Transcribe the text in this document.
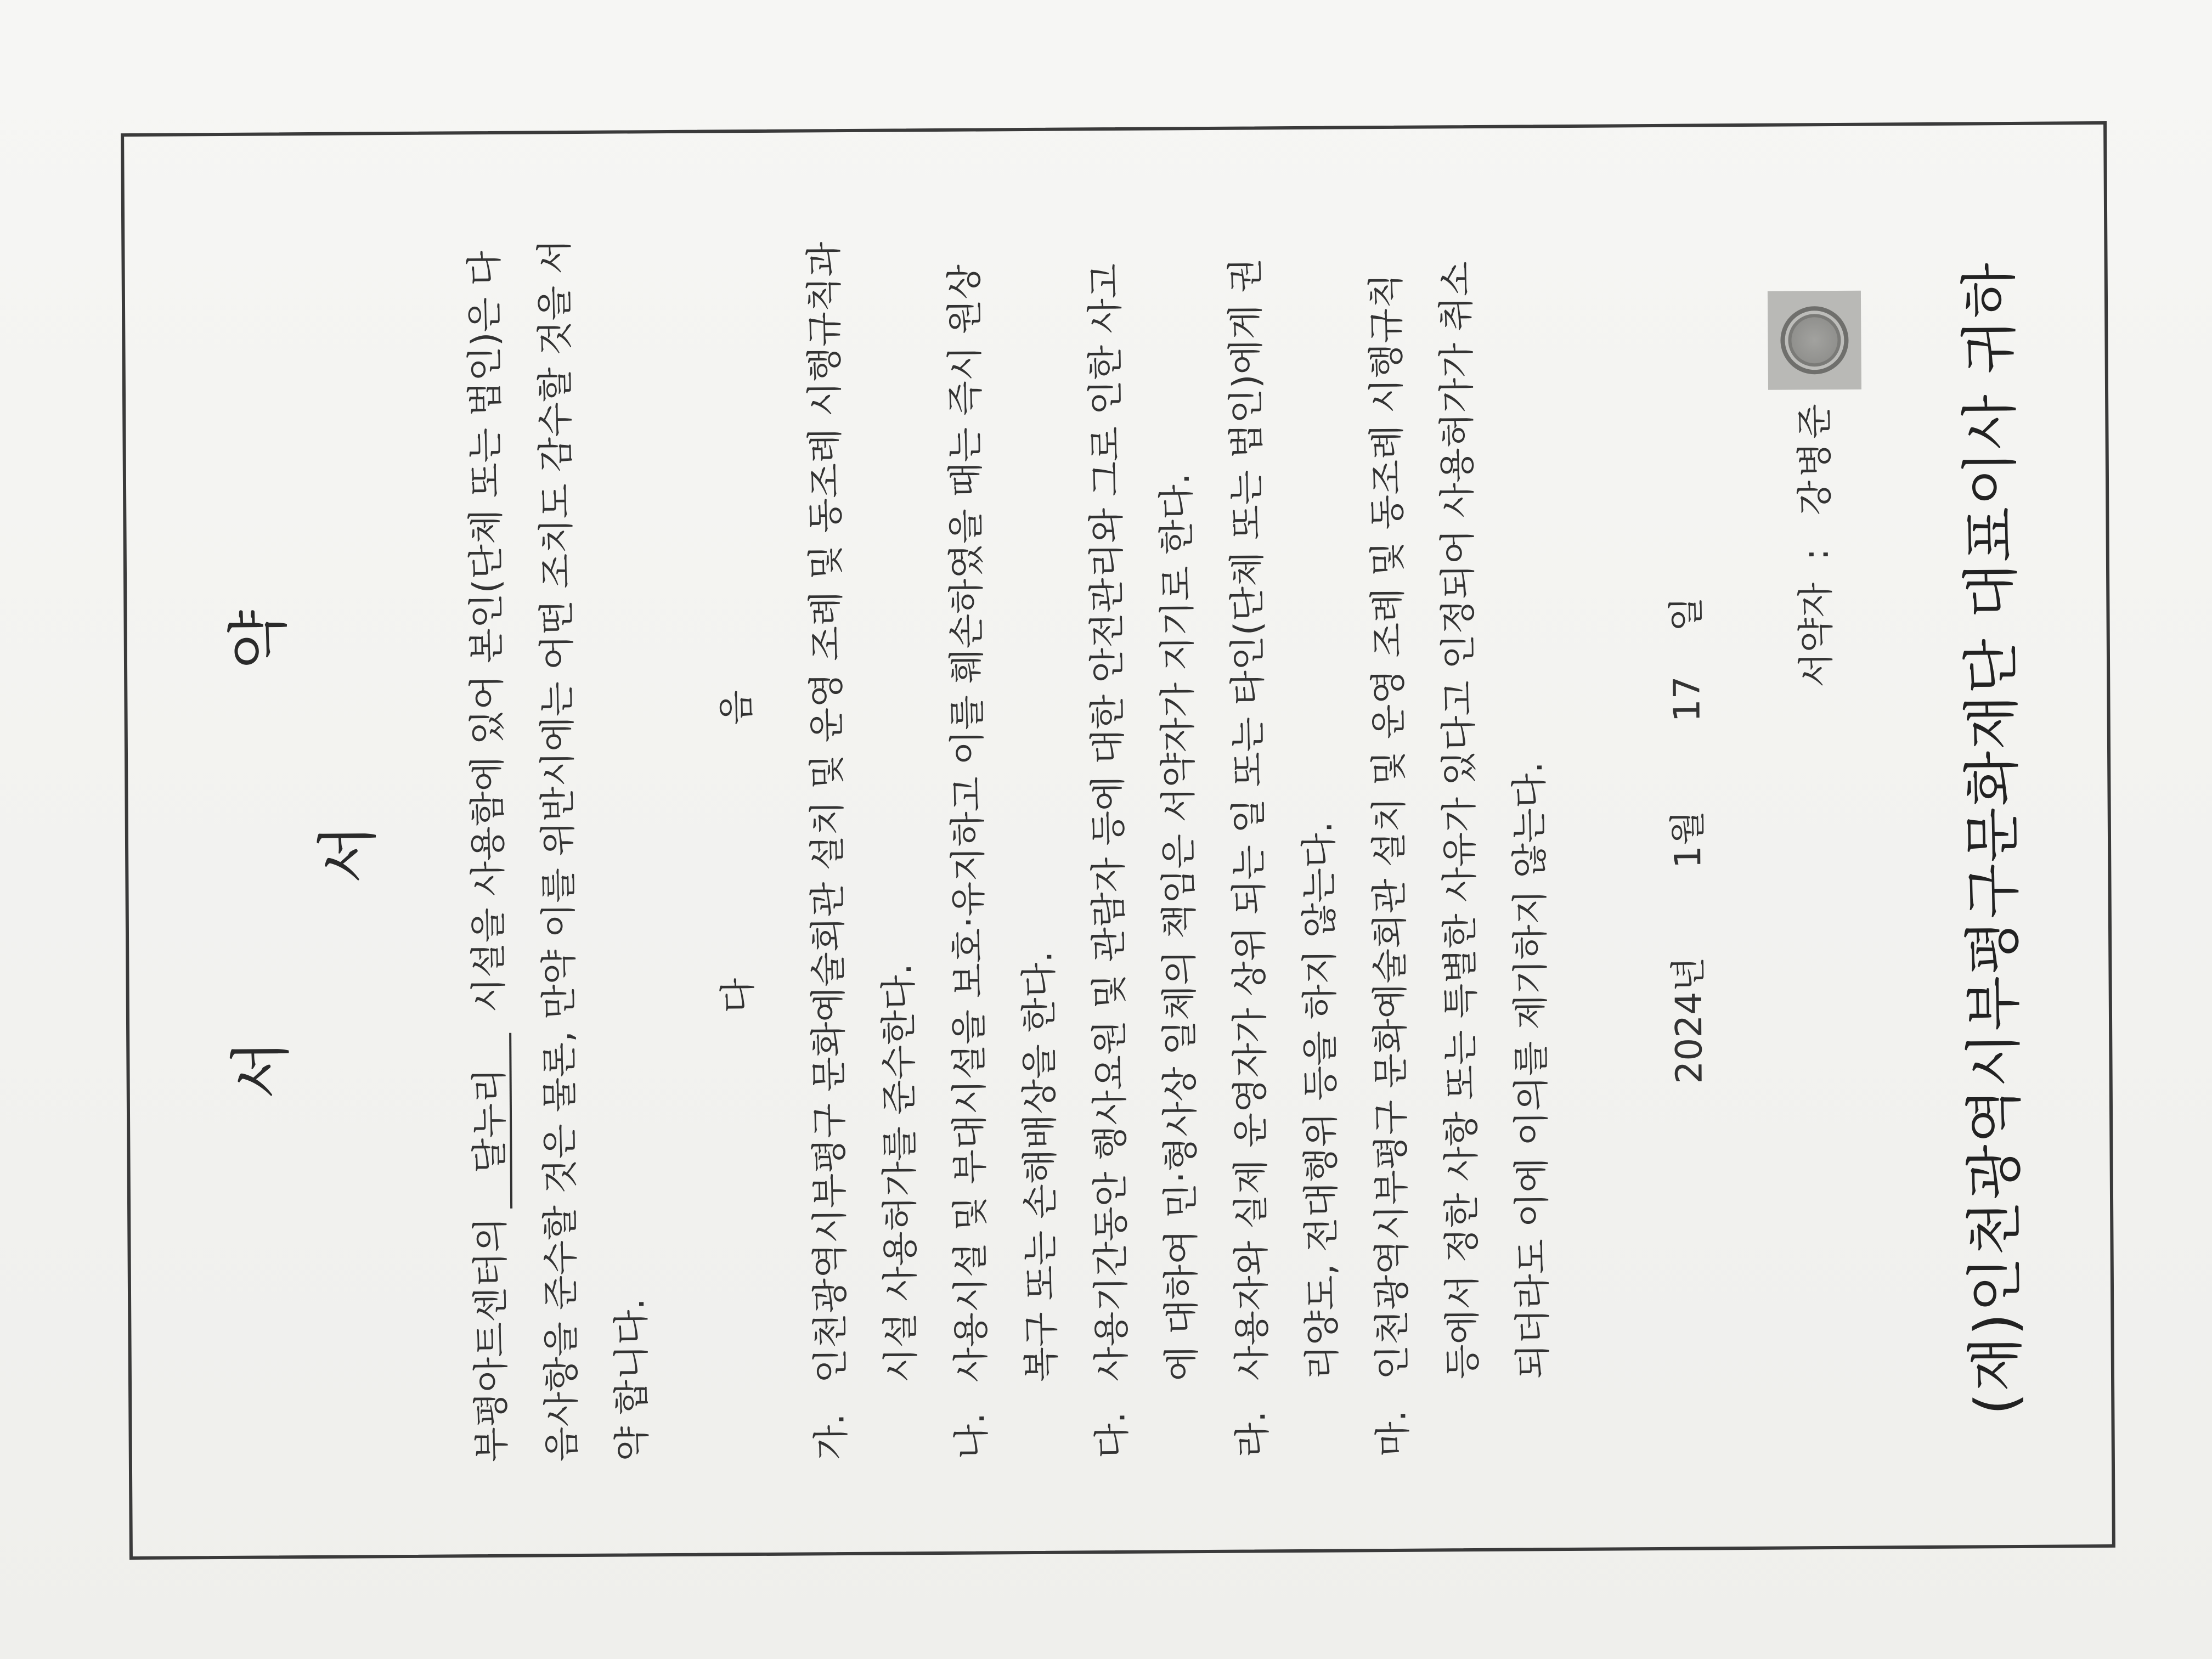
서 약 서

부평아트센터의달누리 시설을 사용함에 있어 본인(단체 또는 법인)은 다음사항을 준수할 것은 물론, 만약 이를 위반시에는 어떤 조치도 감수할 것을 서약 합니다.

다 음
가.
인천광역시부평구 문화예술회관 설치 및 운영 조례 및 동조례 시행규칙과 시설 사용허가를 준수한다.
나.
사용시설 및 부대시설을 보호·유지하고 이를 훼손하였을 때는 즉시 원상복구 또는 손해배상을 한다.
다.
사용기간동안 행사요원 및 관람자 등에 대한 안전관리와 그로 인한 사고에 대하여 민·형사상 일체의 책임은 서약자가 지기로 한다.
라.
사용자와 실제 운영자가 상위 되는 일 또는 타인(단체 또는 법인)에게 권리양도, 전대행위 등을 하지 않는다.
마.
인천광역시부평구 문화예술회관 설치 및 운영 조례 및 동조례 시행규칙 등에서 정한 사항 또는 특별한 사유가 있다고 인정되어 사용허가가 취소되더라도 이에 이의를 제기하지 않는다.	2024년 1월 17 일	서약자:강병준	(재)인천광역시부평구문화재단 대표이사 귀하
